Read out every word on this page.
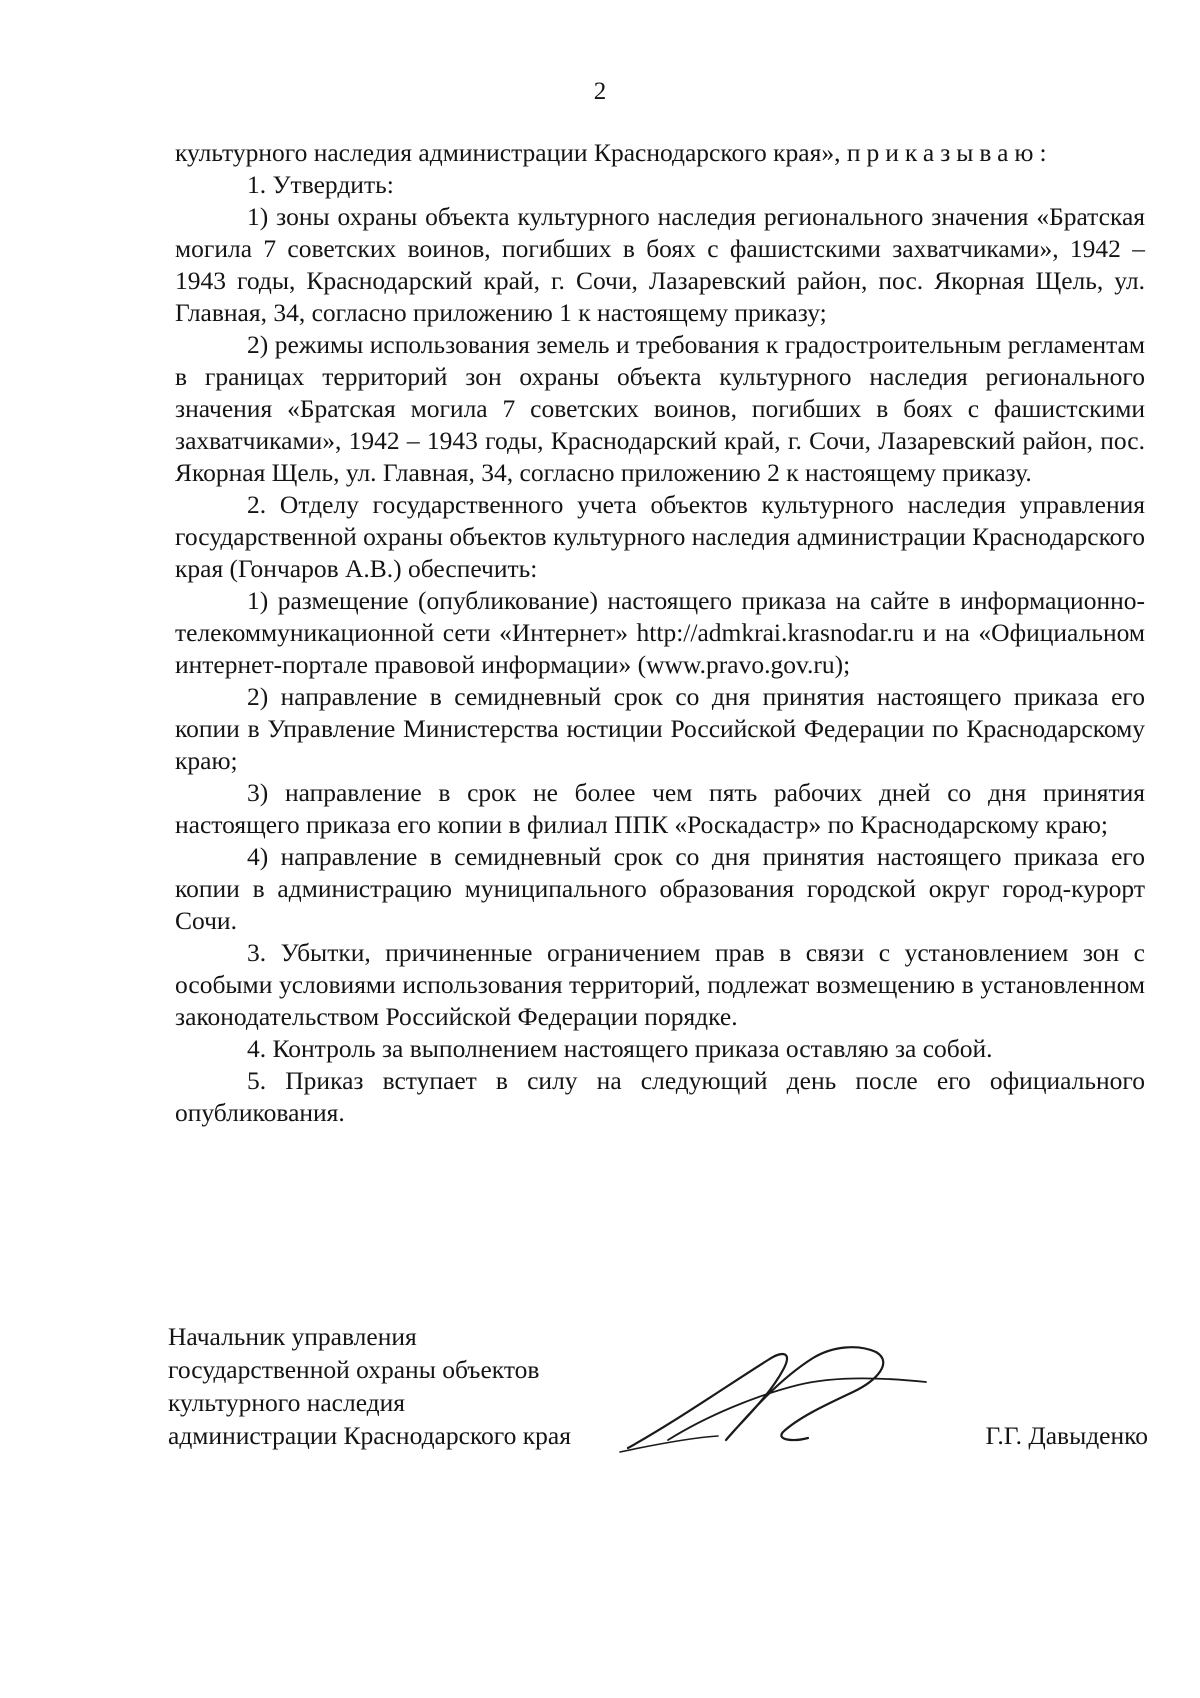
2

культурного наследия администрации Краснодарского края», приказываю:

1. Утвердить:

1) зоны охраны объекта культурного наследия регионального значения «Братская могила 7 советских воинов, погибших в боях с фашистскими захватчиками», 1942 – 1943 годы, Краснодарский край, г. Сочи, Лазаревский район, пос. Якорная Щель, ул. Главная, 34, согласно приложению 1 к настоящему приказу;

2) режимы использования земель и требования к градостроительным регламентам в границах территорий зон охраны объекта культурного наследия регионального значения «Братская могила 7 советских воинов, погибших в боях с фашистскими захватчиками», 1942 – 1943 годы, Краснодарский край, г. Сочи, Лазаревский район, пос. Якорная Щель, ул. Главная, 34, согласно приложению 2 к настоящему приказу.

2. Отделу государственного учета объектов культурного наследия управления государственной охраны объектов культурного наследия администрации Краснодарского края (Гончаров А.В.) обеспечить:

1) размещение (опубликование) настоящего приказа на сайте в информационно-телекоммуникационной сети «Интернет» http://admkrai.krasnodar.ru и на «Официальном интернет-портале правовой информации» (www.pravo.gov.ru);

2) направление в семидневный срок со дня принятия настоящего приказа его копии в Управление Министерства юстиции Российской Федерации по Краснодарскому краю;

3) направление в срок не более чем пять рабочих дней со дня принятия настоящего приказа его копии в филиал ППК «Роскадастр» по Краснодарскому краю;

4) направление в семидневный срок со дня принятия настоящего приказа его копии в администрацию муниципального образования городской округ город-курорт Сочи.

3. Убытки, причиненные ограничением прав в связи с установлением зон с особыми условиями использования территорий, подлежат возмещению в установленном законодательством Российской Федерации порядке.

4. Контроль за выполнением настоящего приказа оставляю за собой.

5. Приказ вступает в силу на следующий день после его официального опубликования.

Начальник управления
государственной охраны объектов
культурного наследия
администрации Краснодарского края	Г.Г. Давыденко
